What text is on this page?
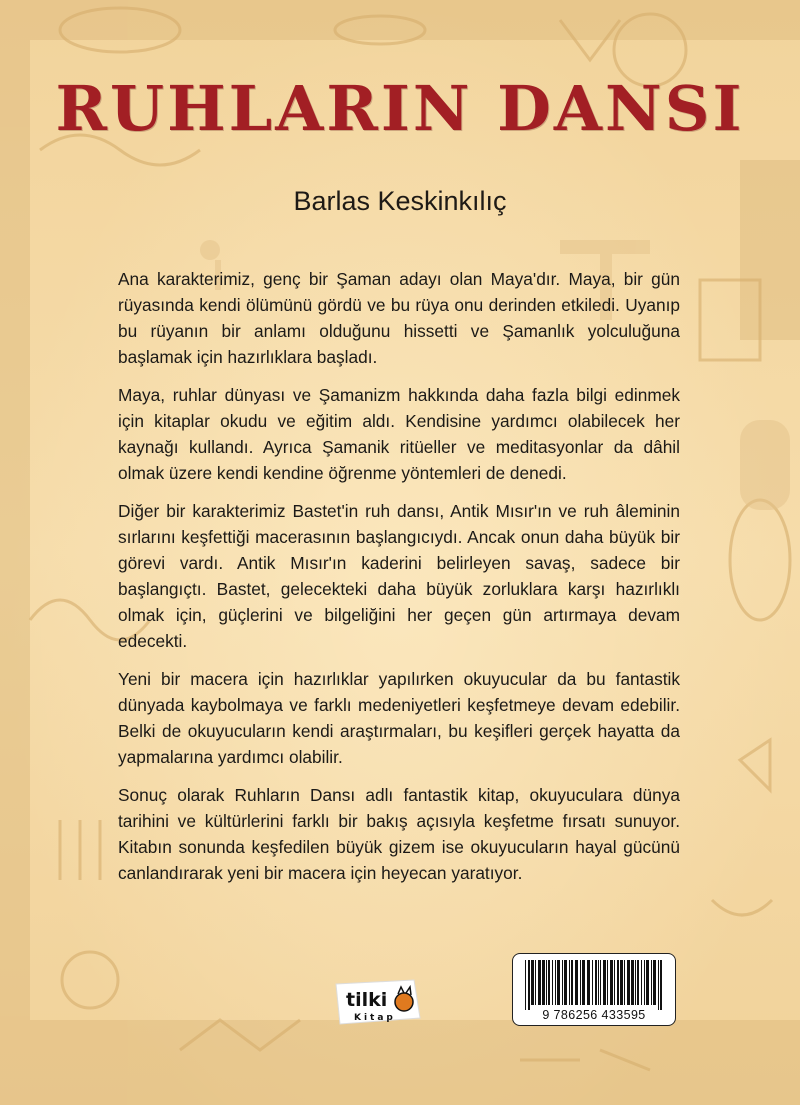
RUHLARIN DANSI
Barlas Keskinkılıç

Ana karakterimiz, genç bir Şaman adayı olan Maya'dır. Maya, bir gün rüyasında kendi ölümünü gördü ve bu rüya onu derinden etkiledi. Uyanıp bu rüyanın bir anlamı olduğunu hissetti ve Şamanlık yolculuğuna başlamak için hazırlıklara başladı.

Maya, ruhlar dünyası ve Şamanizm hakkında daha fazla bilgi edinmek için kitaplar okudu ve eğitim aldı. Kendisine yardımcı olabilecek her kaynağı kullandı. Ayrıca Şamanik ritüeller ve meditasyonlar da dâhil olmak üzere kendi kendine öğrenme yöntemleri de denedi.

Diğer bir karakterimiz Bastet'in ruh dansı, Antik Mısır'ın ve ruh âleminin sırlarını keşfettiği macerasının başlangıcıydı. Ancak onun daha büyük bir görevi vardı. Antik Mısır'ın kaderini belirleyen savaş, sadece bir başlangıçtı. Bastet, gelecekteki daha büyük zorluklara karşı hazırlıklı olmak için, güçlerini ve bilgeliğini her geçen gün artırmaya devam edecekti.

Yeni bir macera için hazırlıklar yapılırken okuyucular da bu fantastik dünyada kaybolmaya ve farklı medeniyetleri keşfetmeye devam edebilir. Belki de okuyucuların kendi araştırmaları, bu keşifleri gerçek hayatta da yapmalarına yardımcı olabilir.

Sonuç olarak Ruhların Dansı adlı fantastik kitap, okuyuculara dünya tarihini ve kültürlerini farklı bir bakış açısıyla keşfetme fırsatı sunuyor. Kitabın sonunda keşfedilen büyük gizem ise okuyucuların hayal gücünü canlandırarak yeni bir macera için heyecan yaratıyor.

tilki
Kitap	9 786256 433595
